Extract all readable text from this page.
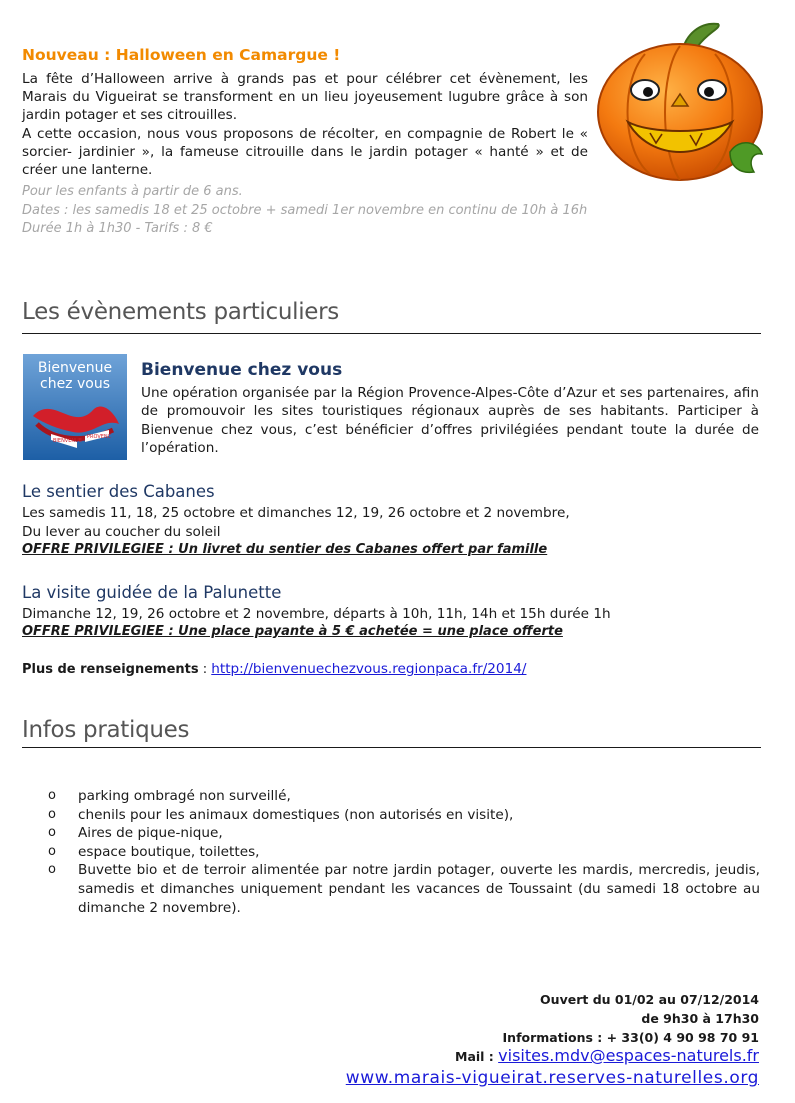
Nouveau : Halloween en Camargue !
La fête d’Halloween arrive à grands pas et pour célébrer cet évènement, les Marais du Vigueirat se transforment en un lieu joyeusement lugubre grâce à son jardin potager et ses citrouilles.
A cette occasion, nous vous proposons de récolter, en compagnie de Robert le « sorcier- jardinier », la fameuse citrouille dans le jardin potager « hanté » et de créer une lanterne.
Pour les enfants à partir de 6 ans.
Dates : les samedis 18 et 25 octobre + samedi 1er novembre en continu de 10h à 16h
Durée 1h à 1h30 - Tarifs : 8 €
Les évènements particuliers
Bienvenue
chez vous
BIENVENUE
PROVENC
Bienvenue chez vous
Une opération organisée par la Région Provence-Alpes-Côte d’Azur et ses partenaires, afin de promouvoir les sites touristiques régionaux auprès de ses habitants. Participer à Bienvenue chez vous, c’est bénéficier d’offres privilégiées pendant toute la durée de l’opération.
Le sentier des Cabanes
Les samedis 11, 18, 25 octobre et dimanches 12, 19, 26 octobre et 2 novembre,
Du lever au coucher du soleil
OFFRE PRIVILEGIEE : Un livret du sentier des Cabanes offert par famille
La visite guidée de la Palunette
Dimanche 12, 19, 26 octobre et 2 novembre, départs à 10h, 11h, 14h et 15h durée 1h
OFFRE PRIVILEGIEE : Une place payante à 5 € achetée = une place offerte
Plus de renseignements : http://bienvenuechezvous.regionpaca.fr/2014/
Infos pratiques
o parking ombragé non surveillé,
o chenils pour les animaux domestiques (non autorisés en visite),
o Aires de pique-nique,
o espace boutique, toilettes,
o Buvette bio et de terroir alimentée par notre jardin potager, ouverte les mardis, mercredis, jeudis, samedis et dimanches uniquement pendant les vacances de Toussaint (du samedi 18 octobre au dimanche 2 novembre).
Ouvert du 01/02 au 07/12/2014
de 9h30 à 17h30
Informations : + 33(0) 4 90 98 70 91
Mail : visites.mdv@espaces-naturels.fr
www.marais-vigueirat.reserves-naturelles.org
